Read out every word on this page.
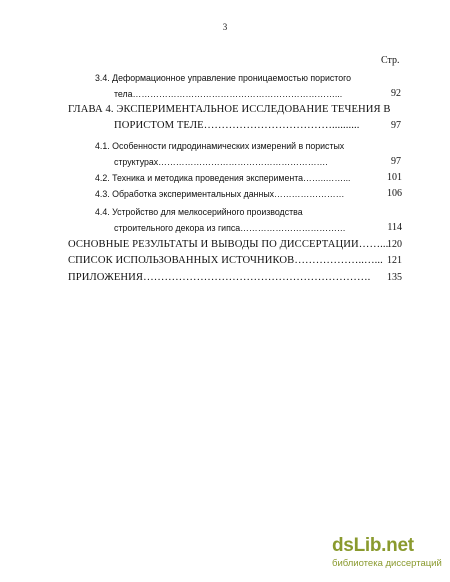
3
Стр.
3.4. Деформационное управление проницаемостью пористого
тела……………………………………………………………...	92
ГЛАВА 4. ЭКСПЕРИМЕНТАЛЬНОЕ ИССЛЕДОВАНИЕ ТЕЧЕНИЯ В
ПОРИСТОМ ТЕЛЕ………………………………..........	97
4.1. Особенности гидродинамических измерений в пористых
структурах………………………………………………….	97
4.2. Техника и методика проведения эксперимента……..……...	101
4.3. Обработка экспериментальных данных……………………	106
4.4. Устройство для мелкосерийного производства
строительного декора из гипса………………………………	114
ОСНОВНЫЕ РЕЗУЛЬТАТЫ И ВЫВОДЫ ПО ДИССЕРТАЦИИ……...
120
СПИСОК ИСПОЛЬЗОВАННЫХ ИСТОЧНИКОВ………………..…... 121
ПРИЛОЖЕНИЯ……………………………………………………….	135
dsLib.net
библиотека диссертаций
